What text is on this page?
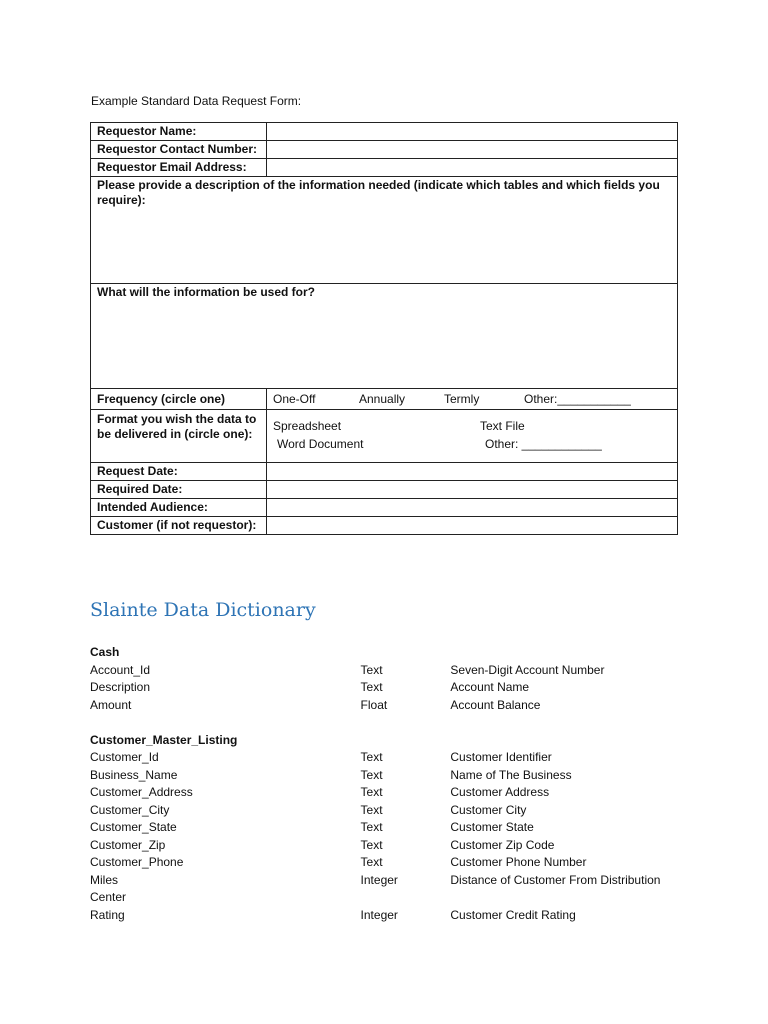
Example Standard Data Request Form:
Requestor Name:	
Requestor Contact Number:	
Requestor Email Address:	
Please provide a description of the information needed (indicate which tables and which fields you require):	
What will the information be used for?	
Frequency (circle one)	One-Off Annually Termly Other:___________

Format you wish the data to be delivered in (circle one):	Spreadsheet Text File
Word Document Other: ____________

Request Date:	
Required Date:	
Intended Audience:	
Customer (if not requestor):	
Slainte Data Dictionary
Cash
Account_Id	Text	Seven-Digit Account Number
Description	Text	Account Name
Amount	Float	Account Balance
Customer_Master_Listing
Customer_Id	Text	Customer Identifier
Business_Name	Text	Name of The Business
Customer_Address	Text	Customer Address
Customer_City	Text	Customer City
Customer_State	Text	Customer State
Customer_Zip	Text	Customer Zip Code
Customer_Phone	Text	Customer Phone Number
Miles	Integer	Distance of Customer From Distribution
Center
Rating	Integer	Customer Credit Rating
